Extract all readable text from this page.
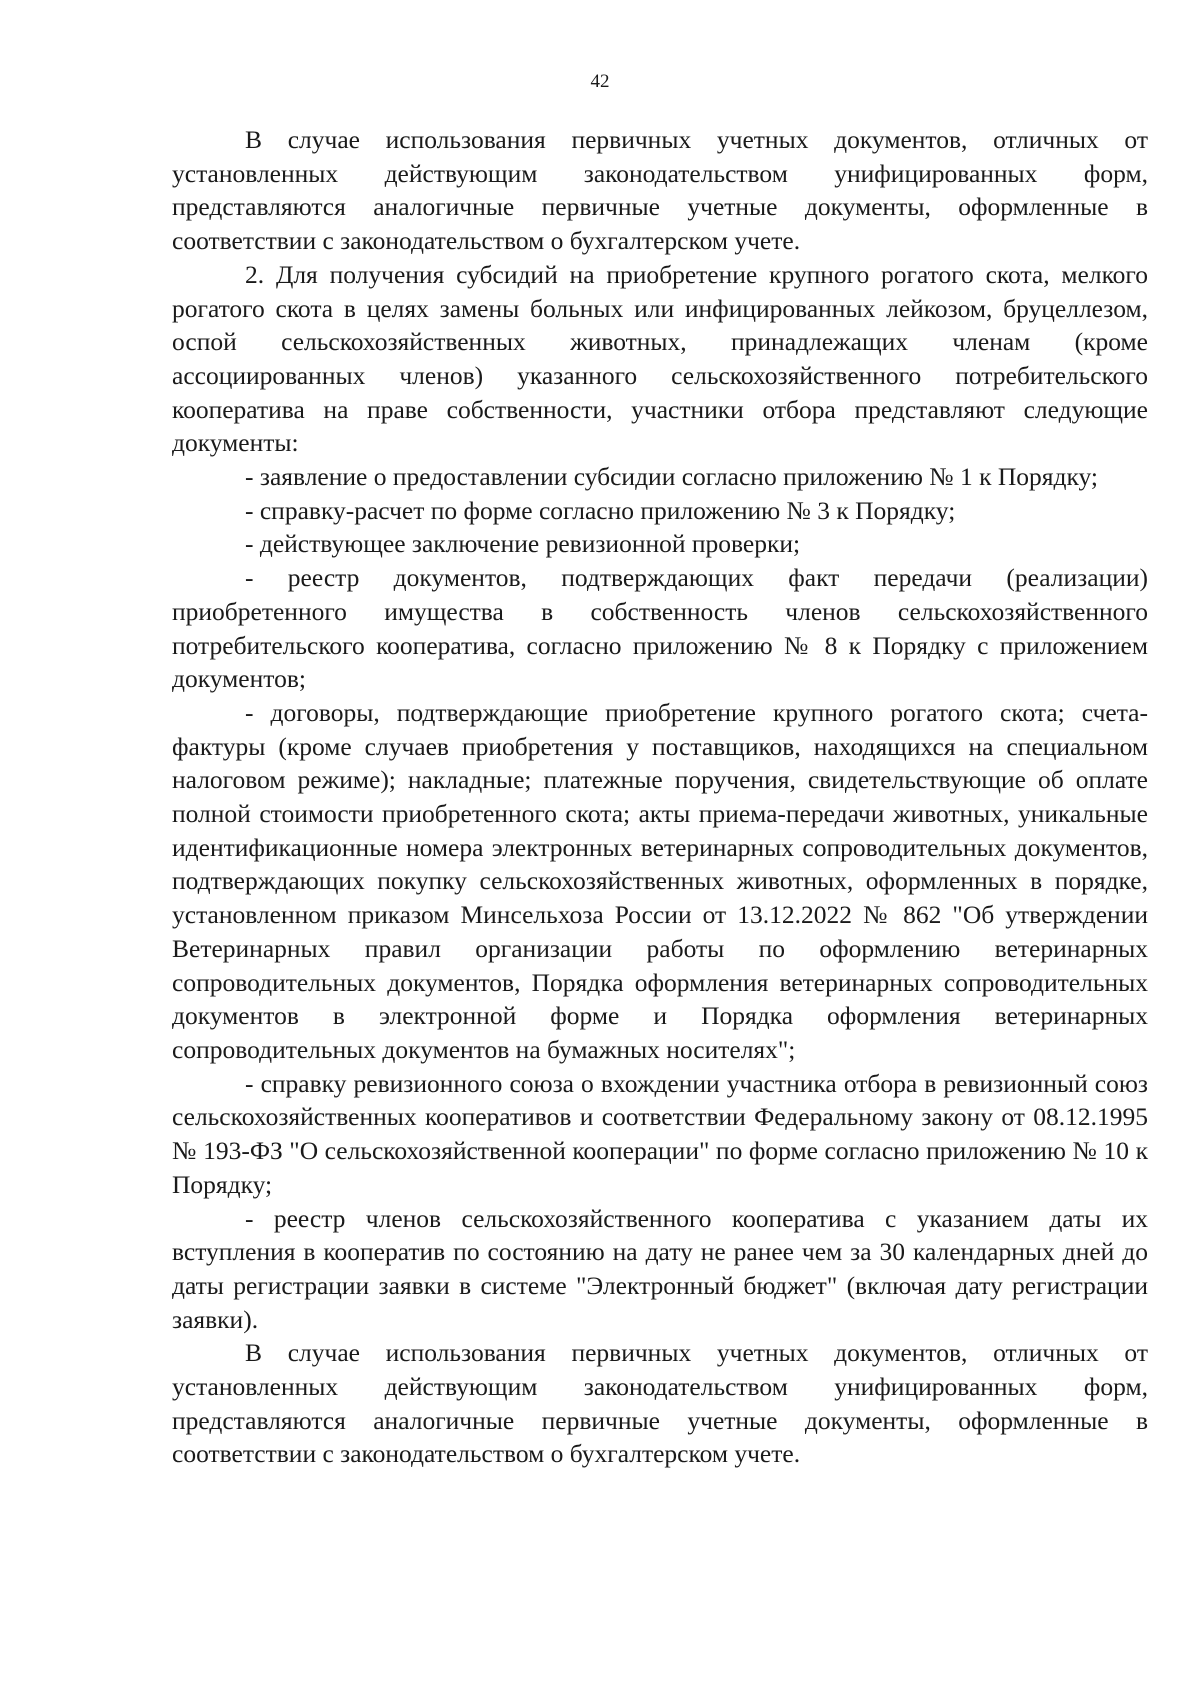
42

В случае использования первичных учетных документов, отличных от установленных действующим законодательством унифицированных форм, представляются аналогичные первичные учетные документы, оформленные в соответствии с законодательством о бухгалтерском учете.

2. Для получения субсидий на приобретение крупного рогатого скота, мелкого рогатого скота в целях замены больных или инфицированных лейкозом, бруцеллезом, оспой сельскохозяйственных животных, принадлежащих членам (кроме ассоциированных членов) указанного сельскохозяйственного потребительского кооператива на праве собственности, участники отбора представляют следующие документы:

- заявление о предоставлении субсидии согласно приложению № 1 к Порядку;

- справку-расчет по форме согласно приложению № 3 к Порядку;

- действующее заключение ревизионной проверки;

- реестр документов, подтверждающих факт передачи (реализации) приобретенного имущества в собственность членов сельскохозяйственного потребительского кооператива, согласно приложению № 8 к Порядку с приложением документов;

- договоры, подтверждающие приобретение крупного рогатого скота; счета-фактуры (кроме случаев приобретения у поставщиков, находящихся на специальном налоговом режиме); накладные; платежные поручения, свидетельствующие об оплате полной стоимости приобретенного скота; акты приема-передачи животных, уникальные идентификационные номера электронных ветеринарных сопроводительных документов, подтверждающих покупку сельскохозяйственных животных, оформленных в порядке, установленном приказом Минсельхоза России от 13.12.2022 № 862 "Об утверждении Ветеринарных правил организации работы по оформлению ветеринарных сопроводительных документов, Порядка оформления ветеринарных сопроводительных документов в электронной форме и Порядка оформления ветеринарных сопроводительных документов на бумажных носителях";

- справку ревизионного союза о вхождении участника отбора в ревизионный союз сельскохозяйственных кооперативов и соответствии Федеральному закону от 08.12.1995 № 193-ФЗ "О сельскохозяйственной кооперации" по форме согласно приложению № 10 к Порядку;

- реестр членов сельскохозяйственного кооператива с указанием даты их вступления в кооператив по состоянию на дату не ранее чем за 30 календарных дней до даты регистрации заявки в системе "Электронный бюджет" (включая дату регистрации заявки).

В случае использования первичных учетных документов, отличных от установленных действующим законодательством унифицированных форм, представляются аналогичные первичные учетные документы, оформленные в соответствии с законодательством о бухгалтерском учете.
